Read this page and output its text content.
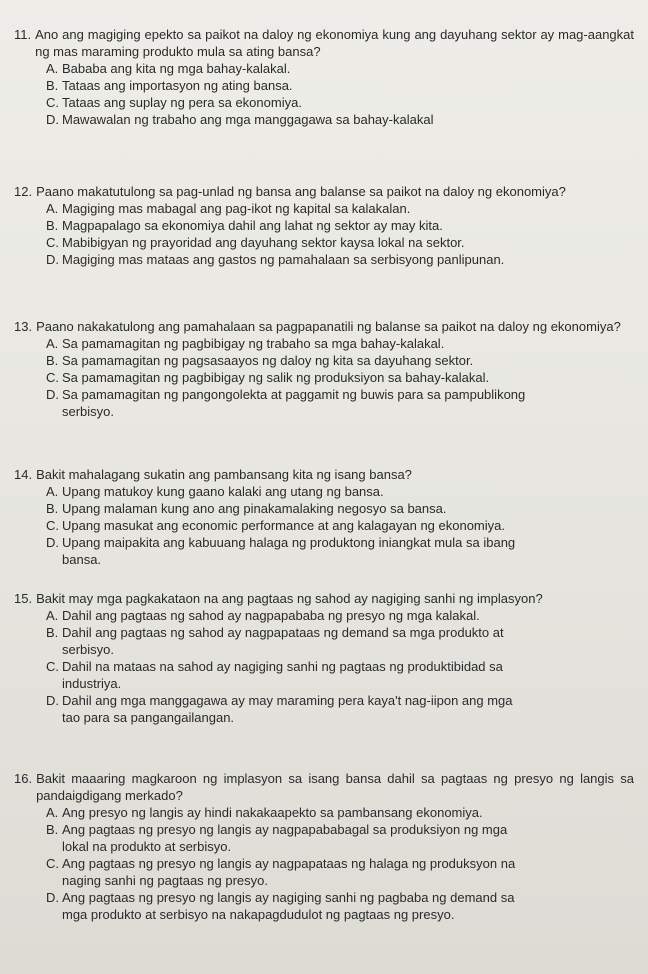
11. Ano ang magiging epekto sa paikot na daloy ng ekonomiya kung ang dayuhang sektor ay mag-aangkat ng mas maraming produkto mula sa ating bansa?
A. Bababa ang kita ng mga bahay-kalakal.
B. Tataas ang importasyon ng ating bansa.
C. Tataas ang suplay ng pera sa ekonomiya.
D. Mawawalan ng trabaho ang mga manggagawa sa bahay-kalakal
12. Paano makatutulong sa pag-unlad ng bansa ang balanse sa paikot na daloy ng ekonomiya?
A. Magiging mas mabagal ang pag-ikot ng kapital sa kalakalan.
B. Magpapalago sa ekonomiya dahil ang lahat ng sektor ay may kita.
C. Mabibigyan ng prayoridad ang dayuhang sektor kaysa lokal na sektor.
D. Magiging mas mataas ang gastos ng pamahalaan sa serbisyong panlipunan.
13. Paano nakakatulong ang pamahalaan sa pagpapanatili ng balanse sa paikot na daloy ng ekonomiya?
A. Sa pamamagitan ng pagbibigay ng trabaho sa mga bahay-kalakal.
B. Sa pamamagitan ng pagsasaayos ng daloy ng kita sa dayuhang sektor.
C. Sa pamamagitan ng pagbibigay ng salik ng produksiyon sa bahay-kalakal.
D. Sa pamamagitan ng pangongolekta at paggamit ng buwis para sa pampublikong
serbisyo.
14. Bakit mahalagang sukatin ang pambansang kita ng isang bansa?
A. Upang matukoy kung gaano kalaki ang utang ng bansa.
B. Upang malaman kung ano ang pinakamalaking negosyo sa bansa.
C. Upang masukat ang economic performance at ang kalagayan ng ekonomiya.
D. Upang maipakita ang kabuuang halaga ng produktong iniangkat mula sa ibang
bansa.
15. Bakit may mga pagkakataon na ang pagtaas ng sahod ay nagiging sanhi ng implasyon?
A. Dahil ang pagtaas ng sahod ay nagpapababa ng presyo ng mga kalakal.
B. Dahil ang pagtaas ng sahod ay nagpapataas ng demand sa mga produkto at
serbisyo.
C. Dahil na mataas na sahod ay nagiging sanhi ng pagtaas ng produktibidad sa
industriya.
D. Dahil ang mga manggagawa ay may maraming pera kaya't nag-iipon ang mga
tao para sa pangangailangan.
16. Bakit maaaring magkaroon ng implasyon sa isang bansa dahil sa pagtaas ng presyo ng langis sa pandaigdigang merkado?
A. Ang presyo ng langis ay hindi nakakaapekto sa pambansang ekonomiya.
B. Ang pagtaas ng presyo ng langis ay nagpapababagal sa produksiyon ng mga
lokal na produkto at serbisyo.
C. Ang pagtaas ng presyo ng langis ay nagpapataas ng halaga ng produksyon na
naging sanhi ng pagtaas ng presyo.
D. Ang pagtaas ng presyo ng langis ay nagiging sanhi ng pagbaba ng demand sa
mga produkto at serbisyo na nakapagdudulot ng pagtaas ng presyo.
